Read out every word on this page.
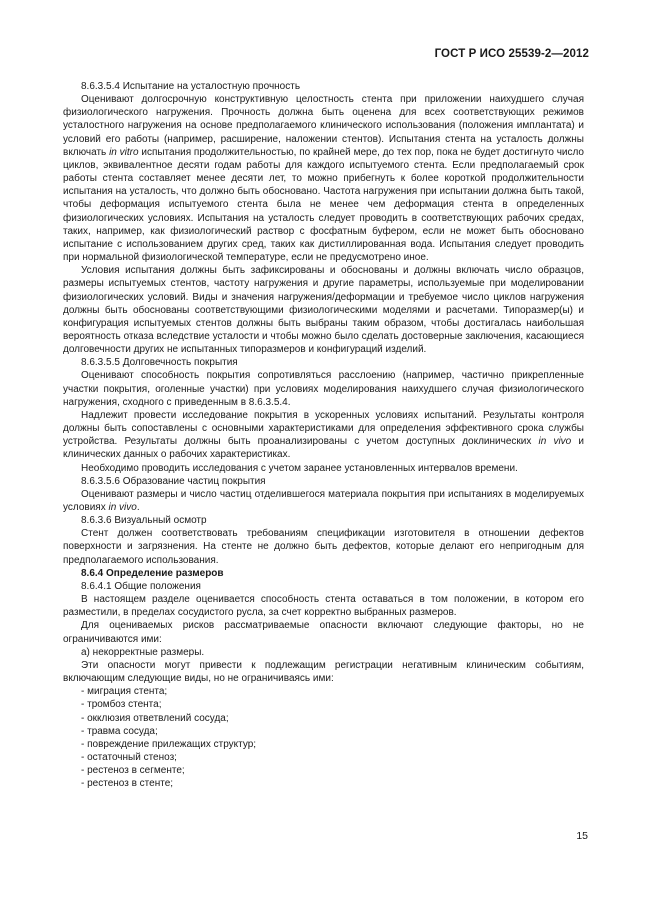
ГОСТ Р ИСО 25539-2—2012

8.6.3.5.4 Испытание на усталостную прочность

Оценивают долгосрочную конструктивную целостность стента при приложении наихудшего случая физиологического нагружения. Прочность должна быть оценена для всех соответствующих режимов усталостного нагружения на основе предполагаемого клинического использования (положения имплантата) и условий его работы (например, расширение, наложении стентов). Испытания стента на усталость должны включать in vitro испытания продолжительностью, по крайней мере, до тех пор, пока не будет достигнуто число циклов, эквивалентное десяти годам работы для каждого испытуемого стента. Если предполагаемый срок работы стента составляет менее десяти лет, то можно прибегнуть к более короткой продолжительности испытания на усталость, что должно быть обосновано. Частота нагружения при испытании должна быть такой, чтобы деформация испытуемого стента была не менее чем деформация стента в определенных физиологических условиях. Испытания на усталость следует проводить в соответствующих рабочих средах, таких, например, как физиологический раствор с фосфатным буфером, если не может быть обосновано испытание с использованием других сред, таких как дистиллированная вода. Испытания следует проводить при нормальной физиологической температуре, если не предусмотрено иное.

Условия испытания должны быть зафиксированы и обоснованы и должны включать число образцов, размеры испытуемых стентов, частоту нагружения и другие параметры, используемые при моделировании физиологических условий. Виды и значения нагружения/деформации и требуемое число циклов нагружения должны быть обоснованы соответствующими физиологическими моделями и расчетами. Типоразмер(ы) и конфигурация испытуемых стентов должны быть выбраны таким образом, чтобы достигалась наибольшая вероятность отказа вследствие усталости и чтобы можно было сделать достоверные заключения, касающиеся долговечности других не испытанных типоразмеров и конфигураций изделий.

8.6.3.5.5 Долговечность покрытия

Оценивают способность покрытия сопротивляться расслоению (например, частично прикрепленные участки покрытия, оголенные участки) при условиях моделирования наихудшего случая физиологического нагружения, сходного с приведенным в 8.6.3.5.4.

Надлежит провести исследование покрытия в ускоренных условиях испытаний. Результаты контроля должны быть сопоставлены с основными характеристиками для определения эффективного срока службы устройства. Результаты должны быть проанализированы с учетом доступных доклинических in vivo и клинических данных о рабочих характеристиках.

Необходимо проводить исследования с учетом заранее установленных интервалов времени.

8.6.3.5.6 Образование частиц покрытия

Оценивают размеры и число частиц отделившегося материала покрытия при испытаниях в моделируемых условиях in vivo.

8.6.3.6 Визуальный осмотр

Стент должен соответствовать требованиям спецификации изготовителя в отношении дефектов поверхности и загрязнения. На стенте не должно быть дефектов, которые делают его непригодным для предполагаемого использования.

8.6.4 Определение размеров

8.6.4.1 Общие положения

В настоящем разделе оценивается способность стента оставаться в том положении, в котором его разместили, в пределах сосудистого русла, за счет корректно выбранных размеров.

Для оцениваемых рисков рассматриваемые опасности включают следующие факторы, но не ограничиваются ими:

а) некорректные размеры.

Эти опасности могут привести к подлежащим регистрации негативным клиническим событиям, включающим следующие виды, но не ограничиваясь ими:

- миграция стента;

- тромбоз стента;

- окклюзия ответвлений сосуда;

- травма сосуда;

- повреждение прилежащих структур;

- остаточный стеноз;

- рестеноз в сегменте;

- рестеноз в стенте;

15
